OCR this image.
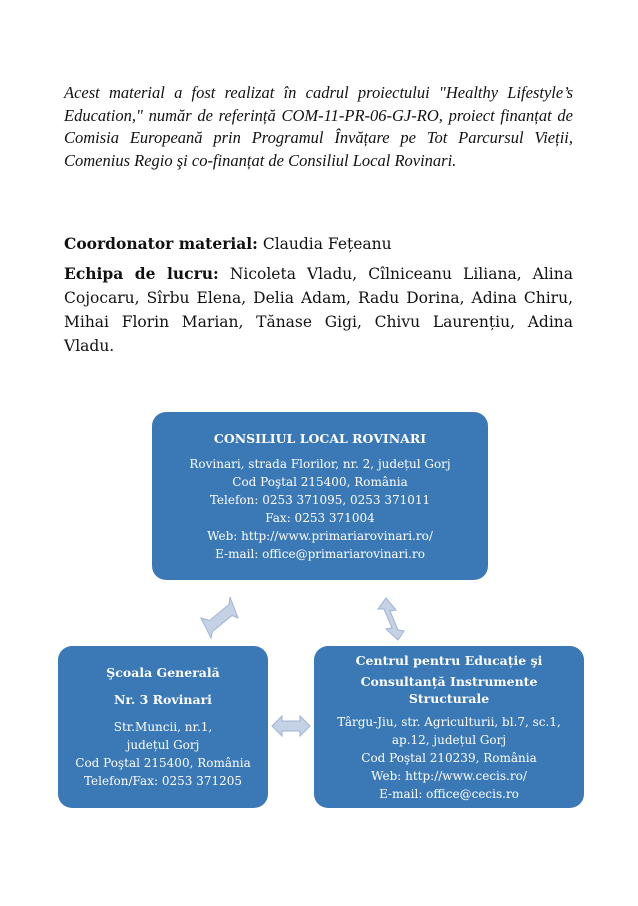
Acest material a fost realizat în cadrul proiectului "Healthy Lifestyle’s Education," număr de referință COM-11-PR-06-GJ-RO, proiect finanțat de Comisia Europeană prin Programul Învățare pe Tot Parcursul Vieții, Comenius Regio şi co-finanțat de Consiliul Local Rovinari.

Coordonator material: Claudia Fețeanu

Echipa de lucru: Nicoleta Vladu, Cîlniceanu Liliana, Alina Cojocaru, Sîrbu Elena, Delia Adam, Radu Dorina, Adina Chiru, Mihai Florin Marian, Tănase Gigi, Chivu Laurențiu, Adina Vladu.

CONSILIUL LOCAL ROVINARI
Rovinari, strada Florilor, nr. 2, județul Gorj
Cod Poştal 215400, România
Telefon: 0253 371095, 0253 371011
Fax: 0253 371004
Web: http://www.primariarovinari.ro/
E-mail: office@primariarovinari.ro
Şcoala Generală
Nr. 3 Rovinari
Str.Muncii, nr.1,
județul Gorj
Cod Poştal 215400, România
Telefon/Fax: 0253 371205
Centrul pentru Educație şi
Consultanță Instrumente Structurale
Târgu-Jiu, str. Agriculturii, bl.7, sc.1,
ap.12, județul Gorj
Cod Poştal 210239, România
Web: http://www.cecis.ro/
E-mail: office@cecis.ro
